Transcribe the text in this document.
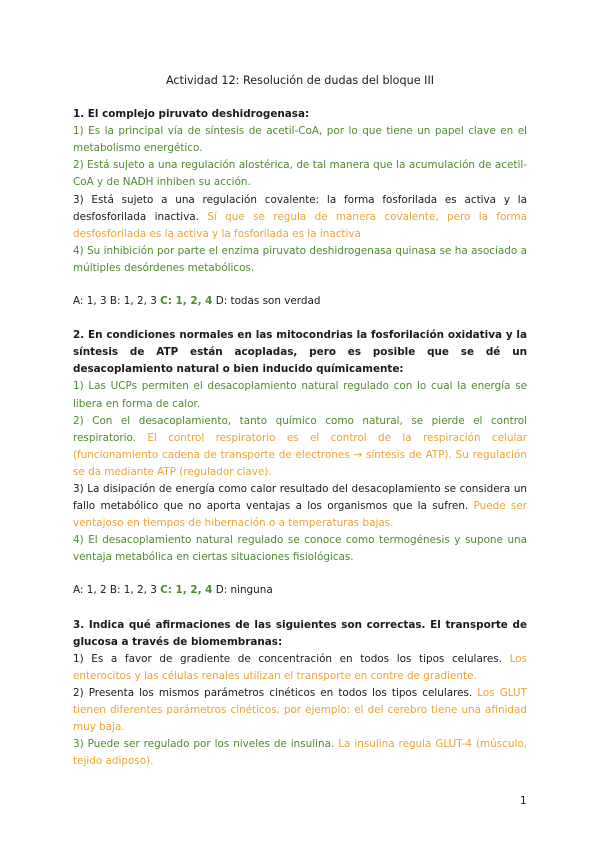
Actividad 12: Resolución de dudas del bloque III

1. El complejo piruvato deshidrogenasa:

1) Es la principal vía de síntesis de acetil-CoA, por lo que tiene un papel clave en el metabolismo energético.

2) Está sujeto a una regulación alostérica, de tal manera que la acumulación de acetil-CoA y de NADH inhiben su acción.

3) Está sujeto a una regulación covalente: la forma fosforilada es activa y la desfosforilada inactiva. Sí que se regula de manera covalente, pero la forma desfosforilada es la activa y la fosforilada es la inactiva

4) Su inhibición por parte el enzima piruvato deshidrogenasa quinasa se ha asociado a múltiples desórdenes metabólicos.

A: 1, 3 B: 1, 2, 3 C: 1, 2, 4 D: todas son verdad

2. En condiciones normales en las mitocondrias la fosforilación oxidativa y la síntesis de ATP están acopladas, pero es posible que se dé un desacoplamiento natural o bien inducido químicamente:

1) Las UCPs permiten el desacoplamiento natural regulado con lo cual la energía se libera en forma de calor.

2) Con el desacoplamiento, tanto químico como natural, se pierde el control respiratorio. El control respiratorio es el control de la respiración celular (funcionamiento cadena de transporte de electrones → síntesis de ATP). Su regulación se da mediante ATP (regulador clave).

3) La disipación de energía como calor resultado del desacoplamiento se considera un fallo metabólico que no aporta ventajas a los organismos que la sufren. Puede ser ventajoso en tiempos de hibernación o a temperaturas bajas.

4) El desacoplamiento natural regulado se conoce como termogénesis y supone una ventaja metabólica en ciertas situaciones fisiológicas.

A: 1, 2 B: 1, 2, 3 C: 1, 2, 4 D: ninguna

3. Indica qué afirmaciones de las siguientes son correctas. El transporte de glucosa a través de biomembranas:

1) Es a favor de gradiente de concentración en todos los tipos celulares. Los enterocitos y las células renales utilizan el transporte en contre de gradiente.

2) Presenta los mismos parámetros cinéticos en todos los tipos celulares. Los GLUT tienen diferentes parámetros cinéticos, por ejemplo: el del cerebro tiene una afinidad muy baja.

3) Puede ser regulado por los niveles de insulina. La insulina regula GLUT-4 (músculo, tejido adiposo).

1
